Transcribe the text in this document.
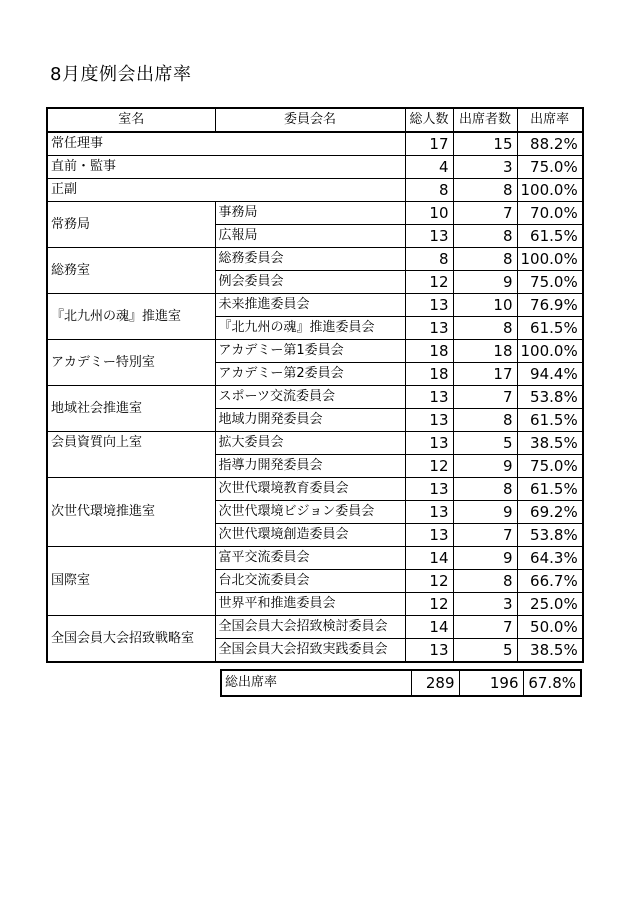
8月度例会出席率
室名	委員会名	総人数	出席者数	出席率
常任理事		17	15	88.2%
直前・監事		4	3	75.0%
正副		8	8	100.0%
常務局	事務局	10	7	70.0%
	広報局	13	8	61.5%
総務室	総務委員会	8	8	100.0%
	例会委員会	12	9	75.0%
『北九州の魂』推進室	未来推進委員会	13	10	76.9%
	『北九州の魂』推進委員会	13	8	61.5%
アカデミー特別室	アカデミー第1委員会	18	18	100.0%
	アカデミー第2委員会	18	17	94.4%
地域社会推進室	スポーツ交流委員会	13	7	53.8%
	地域力開発委員会	13	8	61.5%
会員資質向上室	拡大委員会	13	5	38.5%
	指導力開発委員会	12	9	75.0%
次世代環境推進室	次世代環境教育委員会	13	8	61.5%
	次世代環境ビジョン委員会	13	9	69.2%
	次世代環境創造委員会	13	7	53.8%
国際室	富平交流委員会	14	9	64.3%
	台北交流委員会	12	8	66.7%
	世界平和推進委員会	12	3	25.0%
全国会員大会招致戦略室	全国会員大会招致検討委員会	14	7	50.0%
	全国会員大会招致実践委員会	13	5	38.5%
総出席率	289	196	67.8%
